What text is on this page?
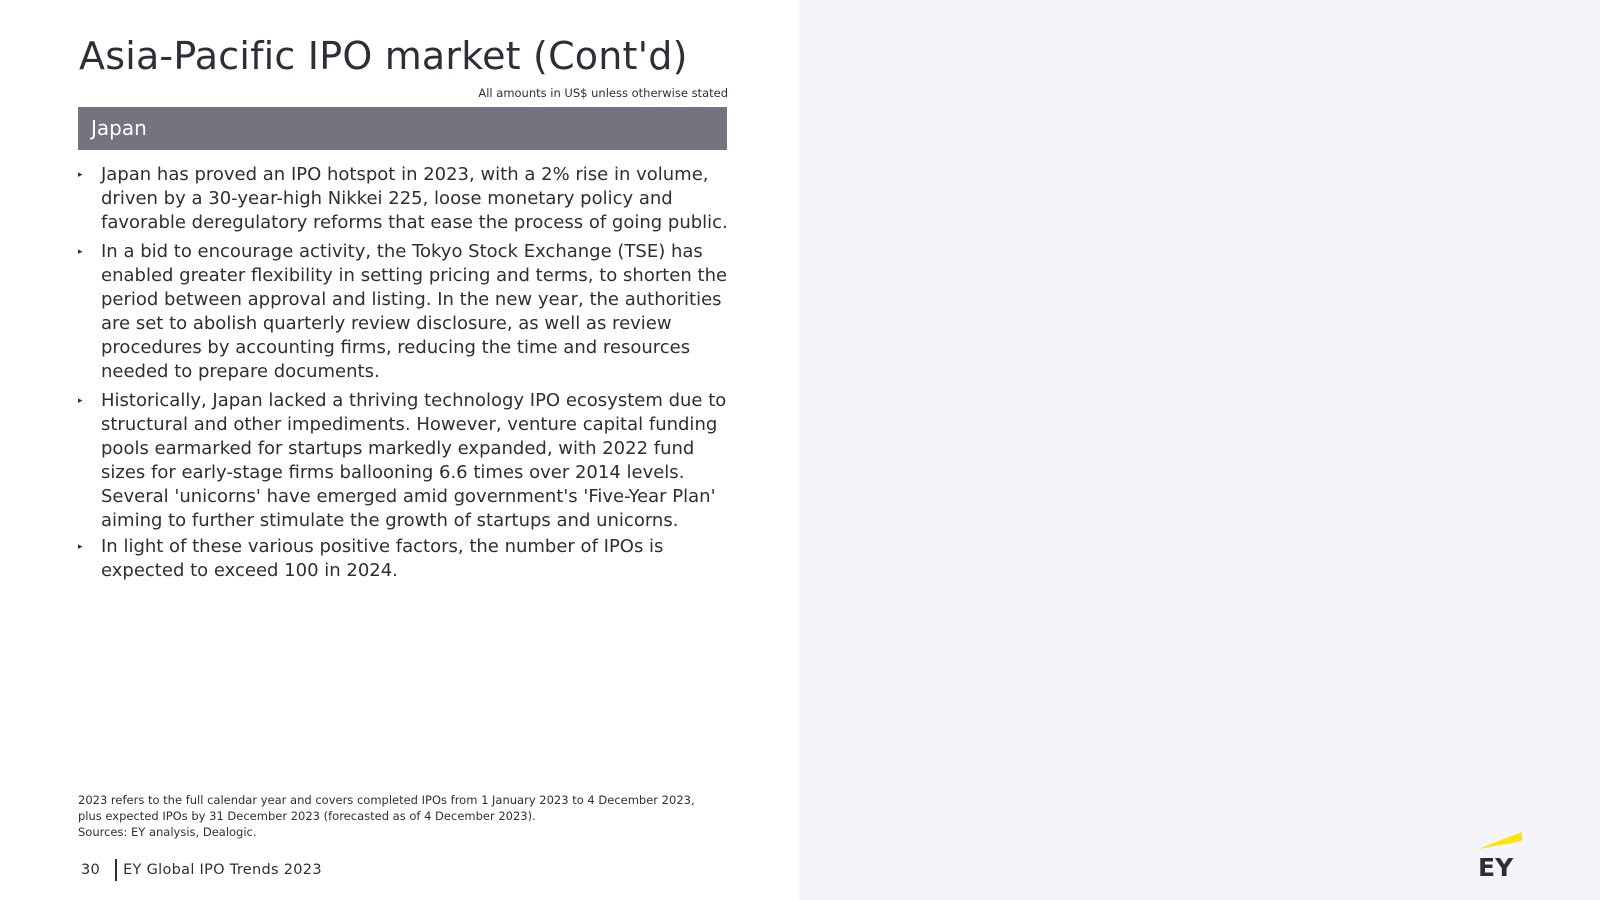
Asia-Pacific IPO market (Cont'd)
All amounts in US$ unless otherwise stated
Japan
▸	Japan has proved an IPO hotspot in 2023, with a 2% rise in volume, driven by a 30-year-high Nikkei 225, loose monetary policy and favorable deregulatory reforms that ease the process of going public.
▸	In a bid to encourage activity, the Tokyo Stock Exchange (TSE) has enabled greater flexibility in setting pricing and terms, to shorten the period between approval and listing. In the new year, the authorities are set to abolish quarterly review disclosure, as well as review procedures by accounting firms, reducing the time and resources needed to prepare documents.
▸	Historically, Japan lacked a thriving technology IPO ecosystem due to structural and other impediments. However, venture capital funding pools earmarked for startups markedly expanded, with 2022 fund sizes for early-stage firms ballooning 6.6 times over 2014 levels. Several 'unicorns' have emerged amid government's 'Five-Year Plan' aiming to further stimulate the growth of startups and unicorns.
▸	In light of these various positive factors, the number of IPOs is expected to exceed 100 in 2024.

2023 refers to the full calendar year and covers completed IPOs from 1 January 2023 to 4 December 2023,

plus expected IPOs by 31 December 2023 (forecasted as of 4 December 2023).

Sources: EY analysis, Dealogic.

30 EY Global IPO Trends 2023	EY
